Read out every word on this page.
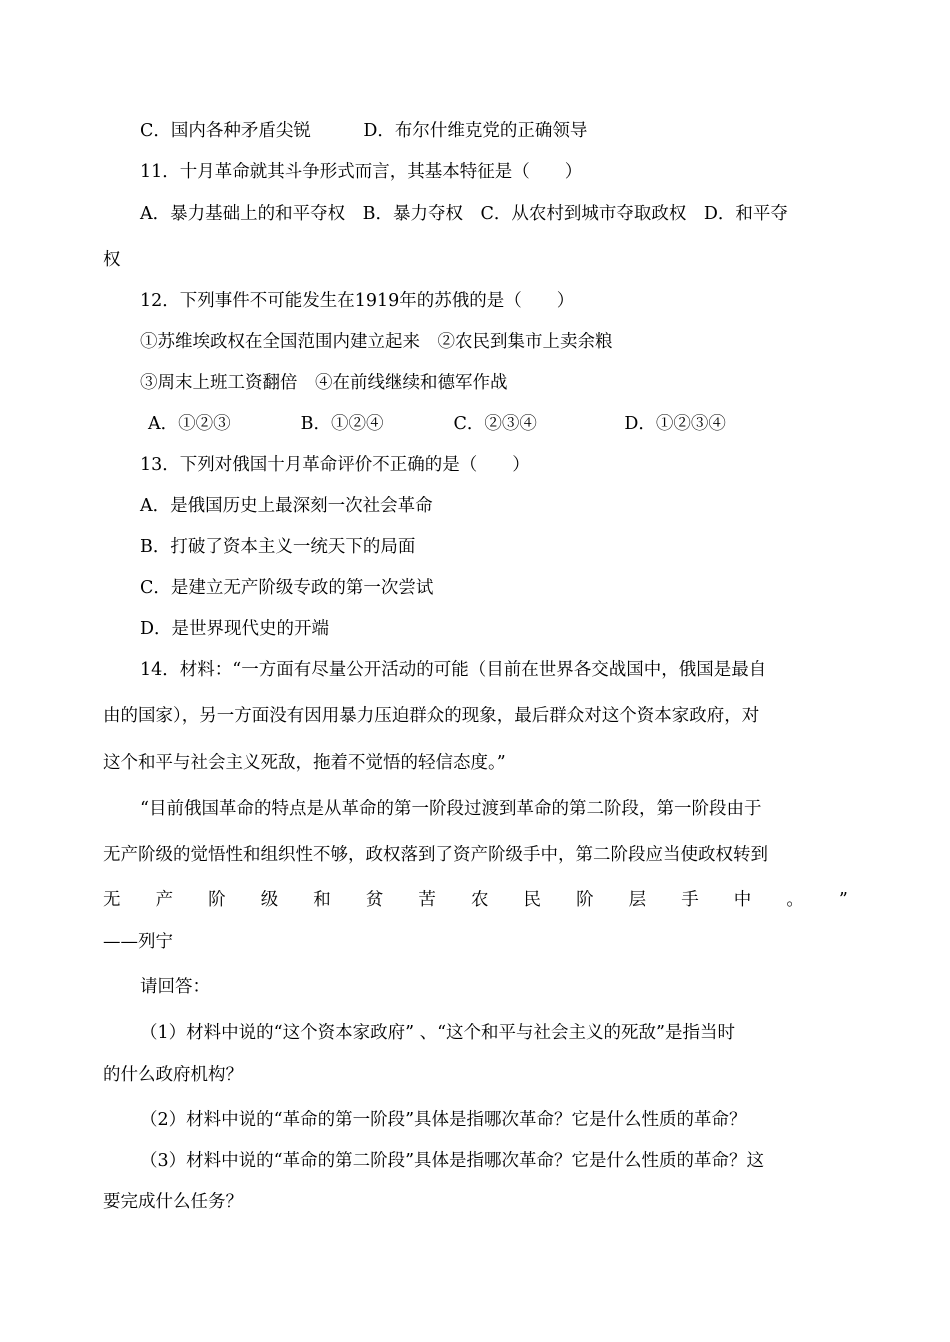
C．国内各种矛盾尖锐　　　D．布尔什维克党的正确领导
11．十月革命就其斗争形式而言，其基本特征是（　　）
A．暴力基础上的和平夺权　B．暴力夺权　C．从农村到城市夺取政权　D．和平夺
权
12．下列事件不可能发生在1919年的苏俄的是（　　）
①苏维埃政权在全国范围内建立起来　②农民到集市上卖余粮
③周末上班工资翻倍　④在前线继续和德军作战
A．①②③　　　　B．①②④　　　　C．②③④　　　　　D．①②③④
13．下列对俄国十月革命评价不正确的是（　　）
A．是俄国历史上最深刻一次社会革命
B．打破了资本主义一统天下的局面
C．是建立无产阶级专政的第一次尝试
D．是世界现代史的开端
14．材料：“一方面有尽量公开活动的可能（目前在世界各交战国中，俄国是最自
由的国家），另一方面没有因用暴力压迫群众的现象，最后群众对这个资本家政府，对
这个和平与社会主义死敌，拖着不觉悟的轻信态度。”
“目前俄国革命的特点是从革命的第一阶段过渡到革命的第二阶段，第一阶段由于
无产阶级的觉悟性和组织性不够，政权落到了资产阶级手中，第二阶段应当使政权转到
无 产 阶 级 和 贫 苦 农 民 阶 层 手 中 。 ”
——列宁
请回答：
（1）材料中说的“这个资本家政府” 、“这个和平与社会主义的死敌”是指当时
的什么政府机构？
（2）材料中说的“革命的第一阶段”具体是指哪次革命？它是什么性质的革命？
（3）材料中说的“革命的第二阶段”具体是指哪次革命？它是什么性质的革命？这
要完成什么任务？
